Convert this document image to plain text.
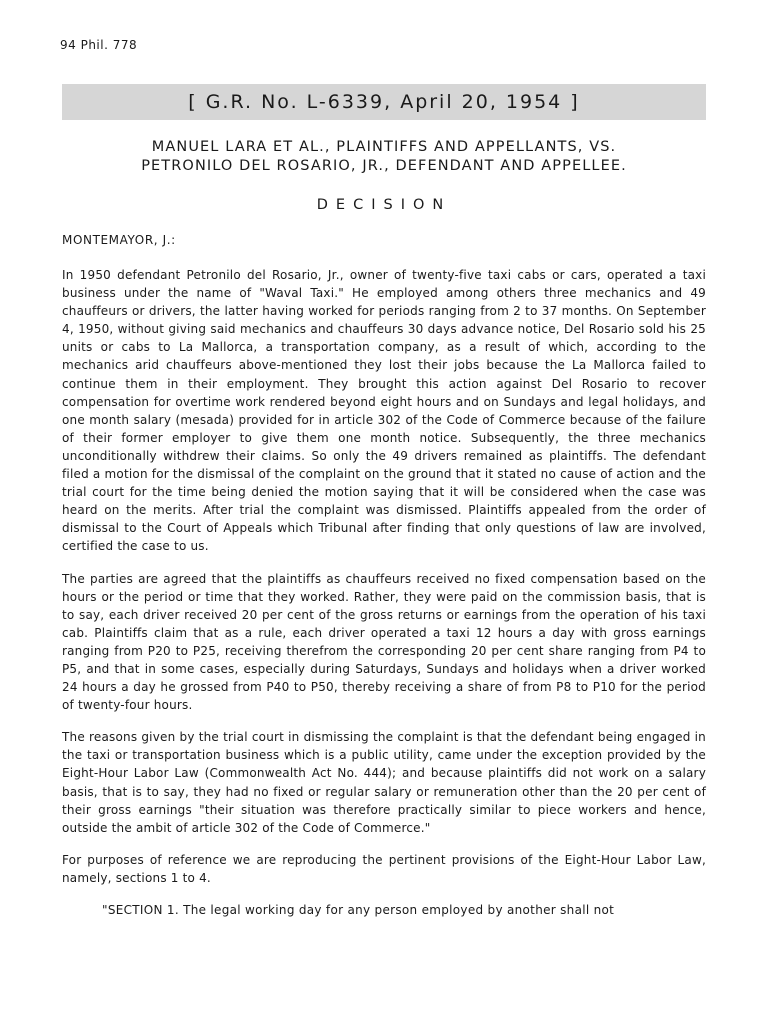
94 Phil. 778
[ G.R. No. L-6339, April 20, 1954 ]
MANUEL LARA ET AL., PLAINTIFFS AND APPELLANTS, VS.
PETRONILO DEL ROSARIO, JR., DEFENDANT AND APPELLEE.
DECISION
MONTEMAYOR, J.:

In 1950 defendant Petronilo del Rosario, Jr., owner of twenty-five taxi cabs or cars, operated a taxi business under the name of "Waval Taxi." He employed among others three mechanics and 49 chauffeurs or drivers, the latter having worked for periods ranging from 2 to 37 months. On September 4, 1950, without giving said mechanics and chauffeurs 30 days advance notice, Del Rosario sold his 25 units or cabs to La Mallorca, a transportation company, as a result of which, according to the mechanics arid chauffeurs above-mentioned they lost their jobs because the La Mallorca failed to continue them in their employment. They brought this action against Del Rosario to recover compensation for overtime work rendered beyond eight hours and on Sundays and legal holidays, and one month salary (mesada) provided for in article 302 of the Code of Commerce because of the failure of their former employer to give them one month notice. Subsequently, the three mechanics unconditionally withdrew their claims. So only the 49 drivers remained as plaintiffs. The defendant filed a motion for the dismissal of the complaint on the ground that it stated no cause of action and the trial court for the time being denied the motion saying that it will be considered when the case was heard on the merits. After trial the complaint was dismissed. Plaintiffs appealed from the order of dismissal to the Court of Appeals which Tribunal after finding that only questions of law are involved, certified the case to us.

The parties are agreed that the plaintiffs as chauffeurs received no fixed compensation based on the hours or the period or time that they worked. Rather, they were paid on the commission basis, that is to say, each driver received 20 per cent of the gross returns or earnings from the operation of his taxi cab. Plaintiffs claim that as a rule, each driver operated a taxi 12 hours a day with gross earnings ranging from P20 to P25, receiving therefrom the corresponding 20 per cent share ranging from P4 to P5, and that in some cases, especially during Saturdays, Sundays and holidays when a driver worked 24 hours a day he grossed from P40 to P50, thereby receiving a share of from P8 to P10 for the period of twenty-four hours.

The reasons given by the trial court in dismissing the complaint is that the defendant being engaged in the taxi or transportation business which is a public utility, came under the exception provided by the Eight-Hour Labor Law (Commonwealth Act No. 444); and because plaintiffs did not work on a salary basis, that is to say, they had no fixed or regular salary or remuneration other than the 20 per cent of their gross earnings "their situation was therefore practically similar to piece workers and hence, outside the ambit of article 302 of the Code of Commerce."

For purposes of reference we are reproducing the pertinent provisions of the Eight-Hour Labor Law, namely, sections 1 to 4.

"SECTION 1. The legal working day for any person employed by another shall not
